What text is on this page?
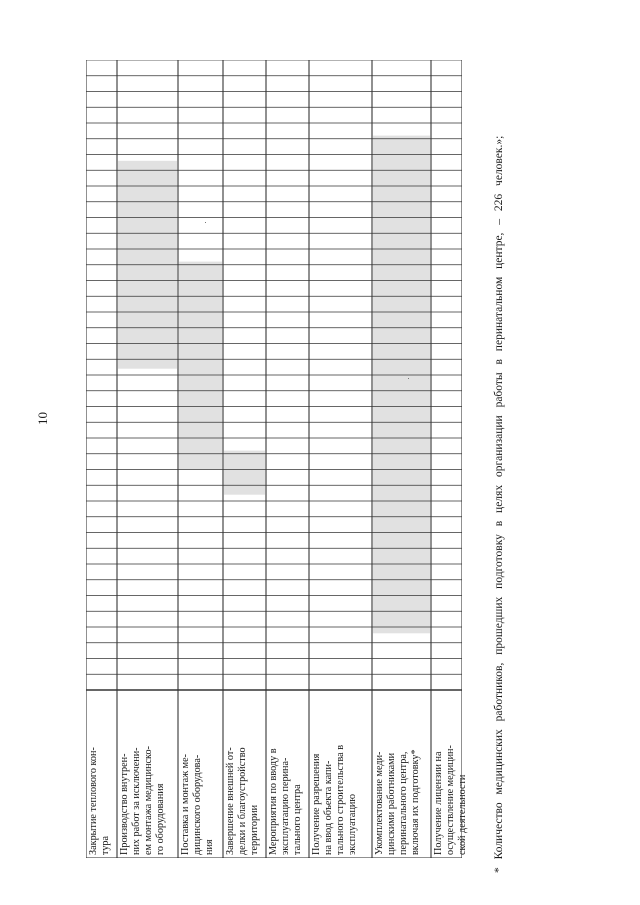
10
Закрытие теплового кон-
тура Производство внутрен-
них работ за исключени-
ем монтажа медицинско-
го оборудования Поставка и монтаж ме-
дицинского оборудова-
ния Завершение внешней от-
делки и благоустройство
территории Мероприятия по вводу в
эксплуатацию перина-
тального центра
Получение разрешения
на ввод объекта капи-
тального строительства в
эксплуатацию Укомплектование меди-
цинскими работниками
перинатального центра,
включая их подготовку*
Получение лицензии на
осуществление медицин-
ской деятельности * Количество медицинских работников, прошедших подготовку в целях организации работы в перинатальном центре, – 226 человек.»;
